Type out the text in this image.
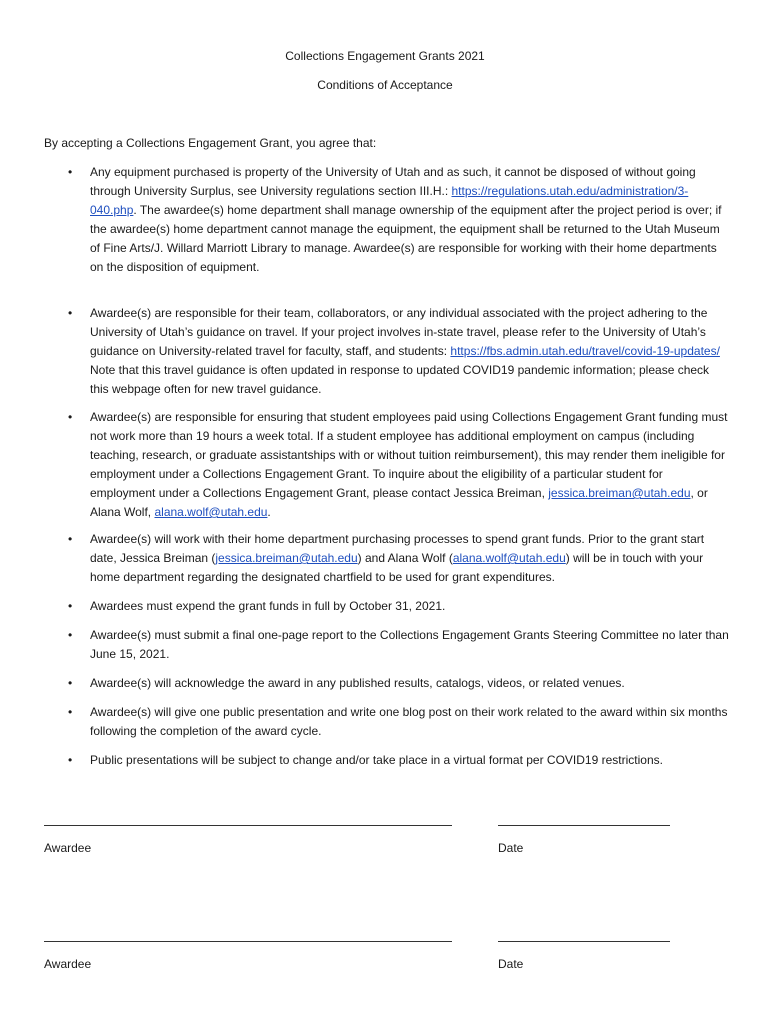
Collections Engagement Grants 2021
Conditions of Acceptance
By accepting a Collections Engagement Grant, you agree that:
• Any equipment purchased is property of the University of Utah and as such, it cannot be disposed of without going through University Surplus, see University regulations section III.H.: https://regulations.utah.edu/administration/3-040.php. The awardee(s) home department shall manage ownership of the equipment after the project period is over; if the awardee(s) home department cannot manage the equipment, the equipment shall be returned to the Utah Museum of Fine Arts/J. Willard Marriott Library to manage. Awardee(s) are responsible for working with their home departments on the disposition of equipment.
• Awardee(s) are responsible for their team, collaborators, or any individual associated with the project adhering to the University of Utah’s guidance on travel. If your project involves in-state travel, please refer to the University of Utah’s guidance on University-related travel for faculty, staff, and students: https://fbs.admin.utah.edu/travel/covid-19-updates/ Note that this travel guidance is often updated in response to updated COVID19 pandemic information; please check this webpage often for new travel guidance.
• Awardee(s) are responsible for ensuring that student employees paid using Collections Engagement Grant funding must not work more than 19 hours a week total. If a student employee has additional employment on campus (including teaching, research, or graduate assistantships with or without tuition reimbursement), this may render them ineligible for employment under a Collections Engagement Grant. To inquire about the eligibility of a particular student for employment under a Collections Engagement Grant, please contact Jessica Breiman, jessica.breiman@utah.edu, or Alana Wolf, alana.wolf@utah.edu.
• Awardee(s) will work with their home department purchasing processes to spend grant funds. Prior to the grant start date, Jessica Breiman (jessica.breiman@utah.edu) and Alana Wolf (alana.wolf@utah.edu) will be in touch with your home department regarding the designated chartfield to be used for grant expenditures.
• Awardees must expend the grant funds in full by October 31, 2021.
• Awardee(s) must submit a final one-page report to the Collections Engagement Grants Steering Committee no later than June 15, 2021.
• Awardee(s) will acknowledge the award in any published results, catalogs, videos, or related venues.
• Awardee(s) will give one public presentation and write one blog post on their work related to the award within six months following the completion of the award cycle.
• Public presentations will be subject to change and/or take place in a virtual format per COVID19 restrictions.
Awardee	Date
Awardee	Date
